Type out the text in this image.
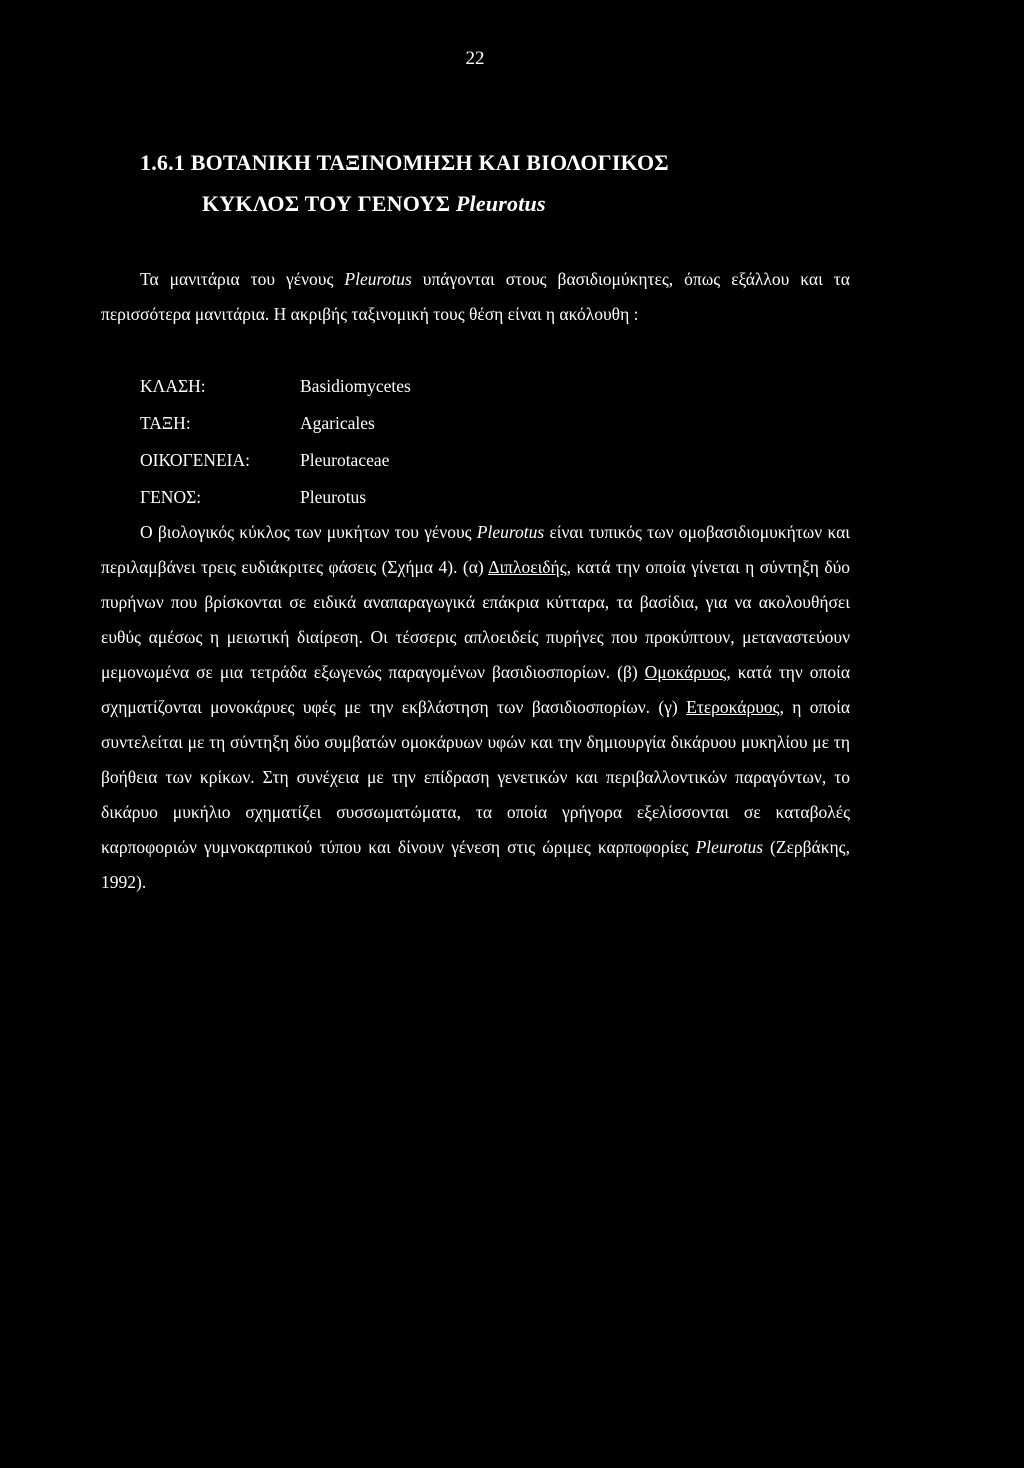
22
1.6.1 ΒΟΤΑΝΙΚΗ ΤΑΞΙΝΟΜΗΣΗ ΚΑΙ ΒΙΟΛΟΓΙΚΟΣ
ΚΥΚΛΟΣ ΤΟΥ ΓΕΝΟΥΣ Pleurotus

Τα μανιτάρια του γένους Pleurotus υπάγονται στους βασιδιομύκητες, όπως εξάλλου και τα περισσότερα μανιτάρια. Η ακριβής ταξινομική τους θέση είναι η ακόλουθη :

ΚΛΑΣΗ:	Basidiomycetes
ΤΑΞΗ:	Agaricales
ΟΙΚΟΓΕΝΕΙΑ:	Pleurotaceae
ΓΕΝΟΣ:	Pleurotus

Ο βιολογικός κύκλος των μυκήτων του γένους Pleurotus είναι τυπικός των ομοβασιδιομυκήτων και περιλαμβάνει τρεις ευδιάκριτες φάσεις (Σχήμα 4). (α) Διπλοειδής, κατά την οποία γίνεται η σύντηξη δύο πυρήνων που βρίσκονται σε ειδικά αναπαραγωγικά επάκρια κύτταρα, τα βασίδια, για να ακολουθήσει ευθύς αμέσως η μειωτική διαίρεση. Οι τέσσερις απλοειδείς πυρήνες που προκύπτουν, μεταναστεύουν μεμονωμένα σε μια τετράδα εξωγενώς παραγομένων βασιδιοσπορίων. (β) Ομοκάρυος, κατά την οποία σχηματίζονται μονοκάρυες υφές με την εκβλάστηση των βασιδιοσπορίων. (γ) Ετεροκάρυος, η οποία συντελείται με τη σύντηξη δύο συμβατών ομοκάρυων υφών και την δημιουργία δικάρυου μυκηλίου με τη βοήθεια των κρίκων. Στη συνέχεια με την επίδραση γενετικών και περιβαλλοντικών παραγόντων, το δικάρυο μυκήλιο σχηματίζει συσσωματώματα, τα οποία γρήγορα εξελίσσονται σε καταβολές καρποφοριών γυμνοκαρπικού τύπου και δίνουν γένεση στις ώριμες καρποφορίες Pleurotus (Ζερβάκης, 1992).
